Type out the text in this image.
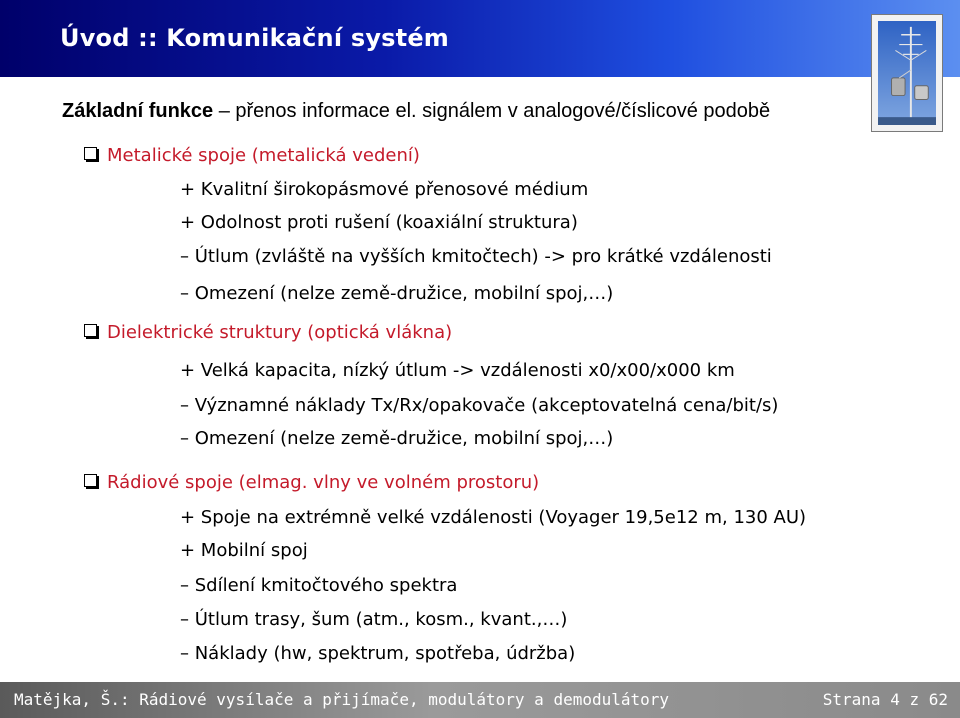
Úvod :: Komunikační systém
Základní funkce – přenos informace el. signálem v analogové/číslicové podobě
Metalické spoje (metalická vedení)
+ Kvalitní širokopásmové přenosové médium
+ Odolnost proti rušení (koaxiální struktura)
– Útlum (zvláště na vyšších kmitočtech) -> pro krátké vzdálenosti
– Omezení (nelze země-družice, mobilní spoj,…)
Dielektrické struktury (optická vlákna)
+ Velká kapacita, nízký útlum -> vzdálenosti x0/x00/x000 km
– Významné náklady Tx/Rx/opakovače (akceptovatelná cena/bit/s)
– Omezení (nelze země-družice, mobilní spoj,…)
Rádiové spoje (elmag. vlny ve volném prostoru)
+ Spoje na extrémně velké vzdálenosti (Voyager 19,5e12 m, 130 AU)
+ Mobilní spoj
– Sdílení kmitočtového spektra
– Útlum trasy, šum (atm., kosm., kvant.,…)
– Náklady (hw, spektrum, spotřeba, údržba)
Matějka, Š.: Rádiové vysílače a přijímače, modulátory a demodulátory	Strana 4 z 62
